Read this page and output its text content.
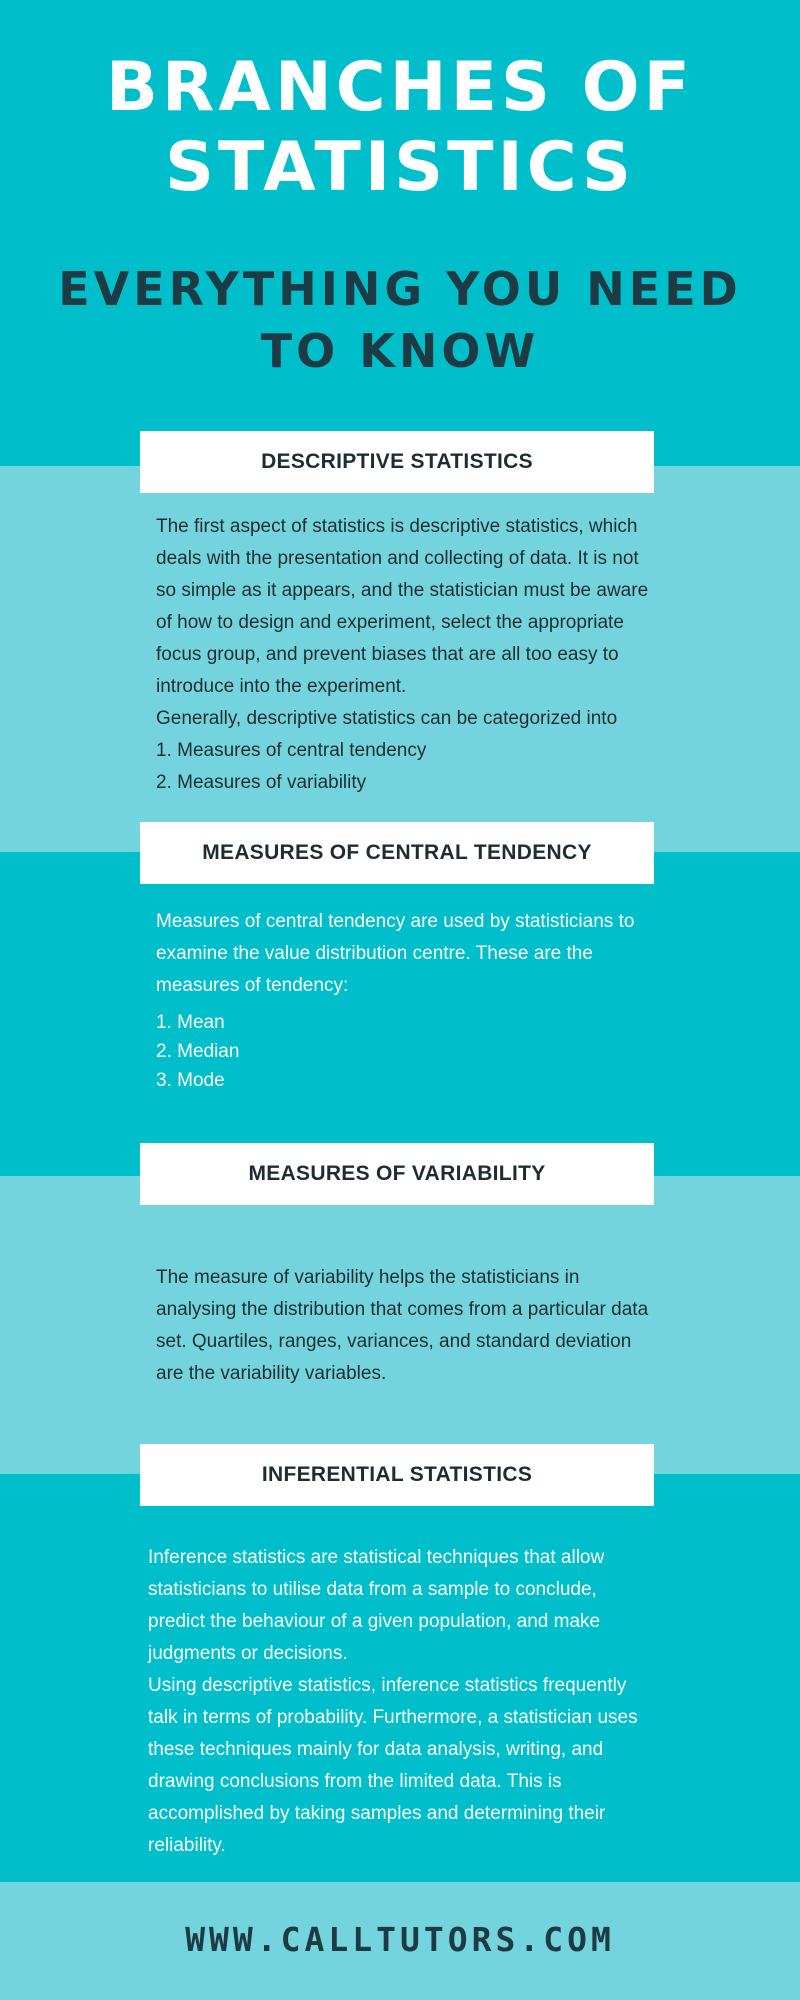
BRANCHES OF
STATISTICS
EVERYTHING YOU NEED
TO KNOW
DESCRIPTIVE STATISTICS

The first aspect of statistics is descriptive statistics, which deals with the presentation and collecting of data. It is not so simple as it appears, and the statistician must be aware of how to design and experiment, select the appropriate focus group, and prevent biases that are all too easy to introduce into the experiment.

Generally, descriptive statistics can be categorized into

1. Measures of central tendency

2. Measures of variability

MEASURES OF CENTRAL TENDENCY

Measures of central tendency are used by statisticians to examine the value distribution centre. These are the measures of tendency:

1. Mean

2. Median

3. Mode

MEASURES OF VARIABILITY

The measure of variability helps the statisticians in analysing the distribution that comes from a particular data set. Quartiles, ranges, variances, and standard deviation are the variability variables.

INFERENTIAL STATISTICS

Inference statistics are statistical techniques that allow statisticians to utilise data from a sample to conclude, predict the behaviour of a given population, and make judgments or decisions.

Using descriptive statistics, inference statistics frequently talk in terms of probability. Furthermore, a statistician uses these techniques mainly for data analysis, writing, and drawing conclusions from the limited data. This is accomplished by taking samples and determining their reliability.

WWW.CALLTUTORS.COM
